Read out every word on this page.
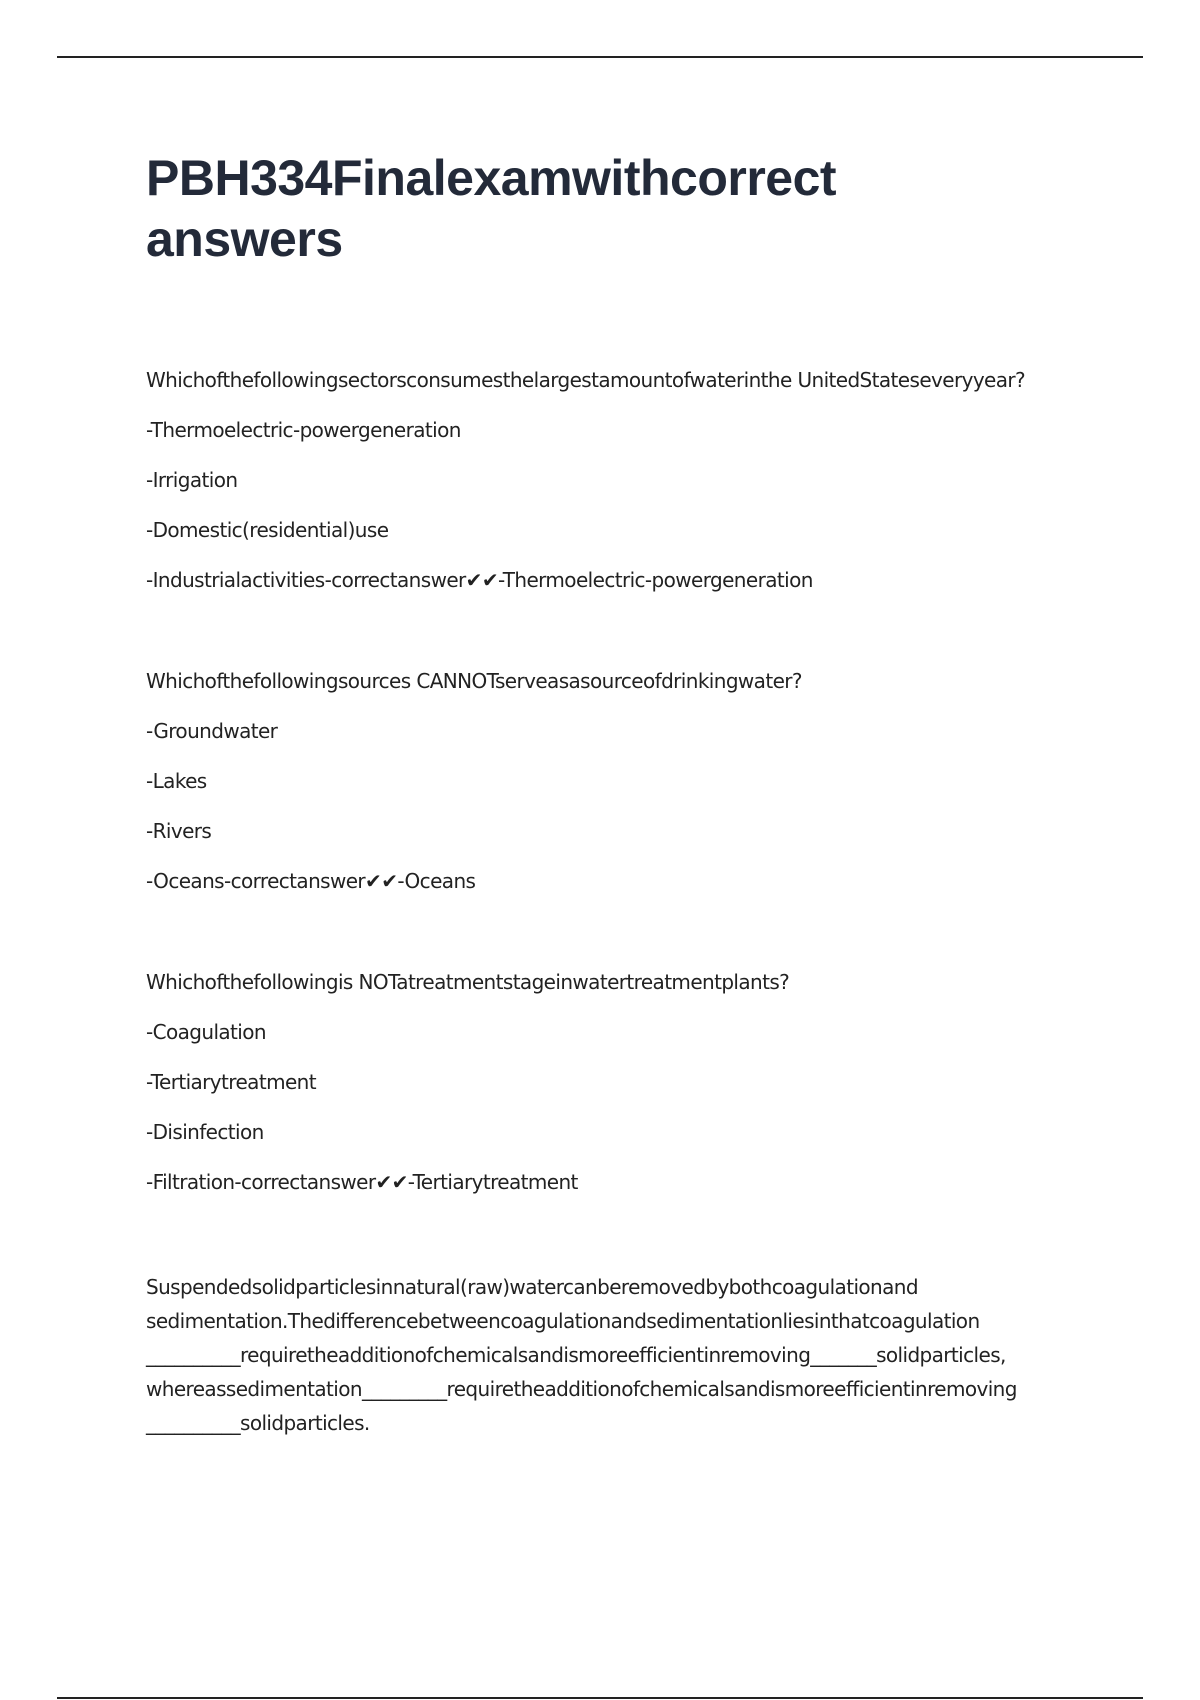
PBH334Finalexamwithcorrect answers

Whichofthefollowingsectorsconsumesthelargestamountofwaterinthe UnitedStateseveryyear?

-Thermoelectric-powergeneration

-Irrigation

-Domestic(residential)use

-Industrialactivities-correctanswer✔✔-Thermoelectric-powergeneration

Whichofthefollowingsources CANNOTserveasasourceofdrinkingwater?

-Groundwater

-Lakes

-Rivers

-Oceans-correctanswer✔✔-Oceans

Whichofthefollowingis NOTatreatmentstageinwatertreatmentplants?

-Coagulation

-Tertiarytreatment

-Disinfection

-Filtration-correctanswer✔✔-Tertiarytreatment

Suspendedsolidparticlesinnatural(raw)watercanberemovedbybothcoagulationand sedimentation.Thedifferencebetweencoagulationandsedimentationliesinthatcoagulation __________requiretheadditionofchemicalsandismoreefficientinremoving_______solidparticles, whereassedimentation_________requiretheadditionofchemicalsandismoreefficientinremoving __________solidparticles.
